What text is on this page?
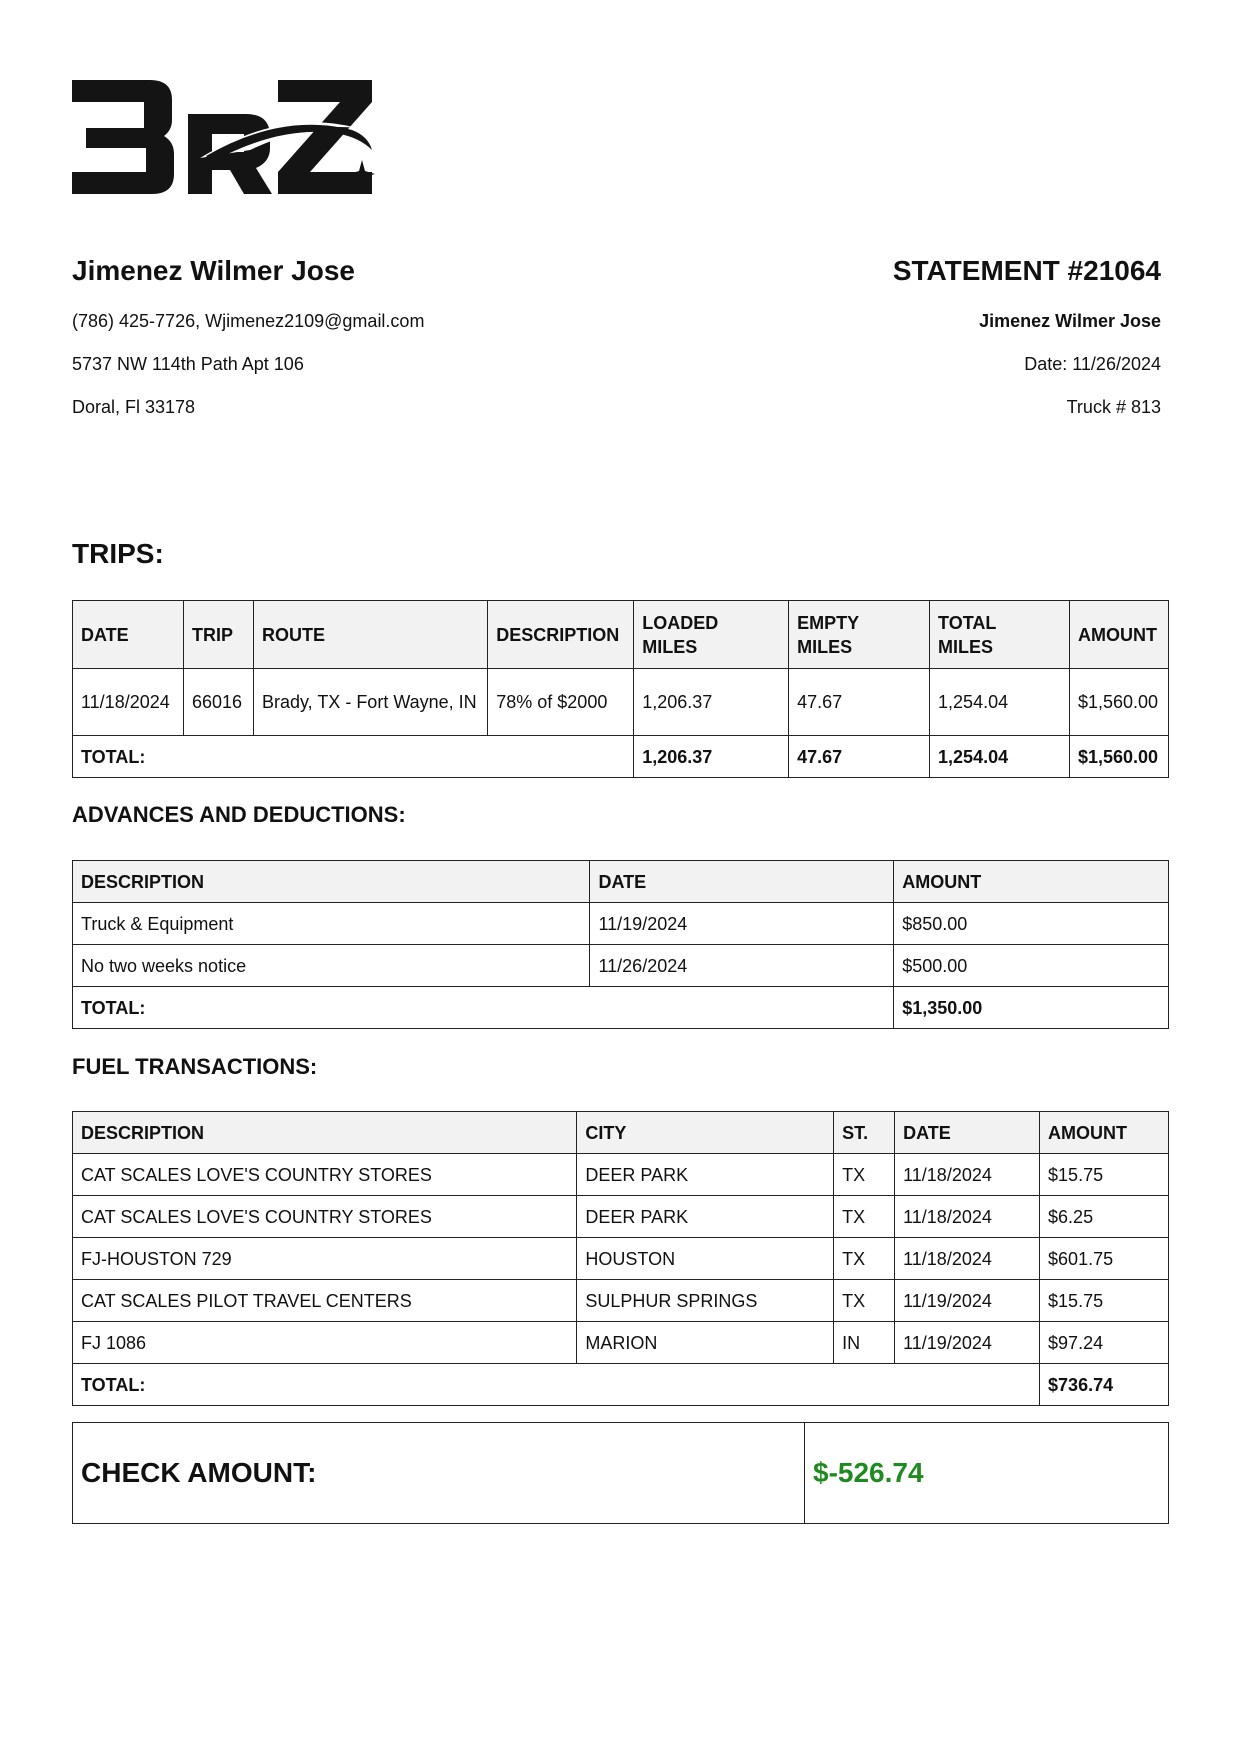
Jimenez Wilmer Jose
(786) 425-7726, Wjimenez2109@gmail.com
5737 NW 114th Path Apt 106
Doral, Fl 33178
STATEMENT #21064
Jimenez Wilmer Jose
Date: 11/26/2024
Truck # 813
TRIPS:
DATE	TRIP	ROUTE	DESCRIPTION	LOADED MILES	EMPTY MILES	TOTAL MILES	AMOUNT
11/18/2024	66016	Brady, TX - Fort Wayne, IN	78% of $2000	1,206.37	47.67	1,254.04	$1,560.00
TOTAL:				1,206.37	47.67	1,254.04	$1,560.00
ADVANCES AND DEDUCTIONS:
DESCRIPTION	DATE	AMOUNT
Truck & Equipment	11/19/2024	$850.00
No two weeks notice	11/26/2024	$500.00
TOTAL:		$1,350.00
FUEL TRANSACTIONS:
DESCRIPTION	CITY	ST.	DATE	AMOUNT
CAT SCALES LOVE'S COUNTRY STORES	DEER PARK	TX	11/18/2024	$15.75
CAT SCALES LOVE'S COUNTRY STORES	DEER PARK	TX	11/18/2024	$6.25
FJ-HOUSTON 729	HOUSTON	TX	11/18/2024	$601.75
CAT SCALES PILOT TRAVEL CENTERS	SULPHUR SPRINGS	TX	11/19/2024	$15.75
FJ 1086	MARION	IN	11/19/2024	$97.24
TOTAL:				$736.74
CHECK AMOUNT:	$-526.74
